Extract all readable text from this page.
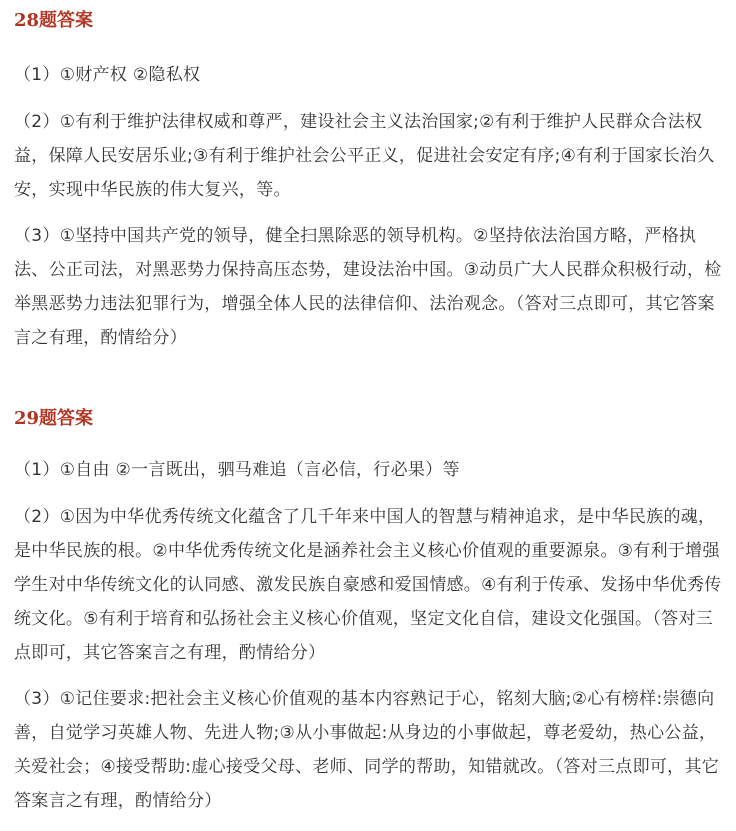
28题答案

（1）①财产权 ②隐私权

（2）①有利于维护法律权威和尊严，建设社会主义法治国家;②有利于维护人民群众合法权益，保障人民安居乐业;③有利于维护社会公平正义，促进社会安定有序;④有利于国家长治久安，实现中华民族的伟大复兴，等。

（3）①坚持中国共产党的领导，健全扫黑除恶的领导机构。②坚持依法治国方略，严格执法、公正司法，对黑恶势力保持高压态势，建设法治中国。③动员广大人民群众积极行动，检举黑恶势力违法犯罪行为，增强全体人民的法律信仰、法治观念。（答对三点即可，其它答案言之有理，酌情给分）

29题答案

（1）①自由 ②一言既出，驷马难追（言必信，行必果）等

（2）①因为中华优秀传统文化蕴含了几千年来中国人的智慧与精神追求，是中华民族的魂，是中华民族的根。②中华优秀传统文化是涵养社会主义核心价值观的重要源泉。③有利于增强学生对中华传统文化的认同感、激发民族自豪感和爱国情感。④有利于传承、发扬中华优秀传统文化。⑤有利于培育和弘扬社会主义核心价值观，坚定文化自信，建设文化强国。（答对三点即可，其它答案言之有理，酌情给分）

（3）①记住要求:把社会主义核心价值观的基本内容熟记于心，铭刻大脑;②心有榜样:崇德向善，自觉学习英雄人物、先进人物;③从小事做起:从身边的小事做起，尊老爱幼，热心公益，关爱社会；④接受帮助:虚心接受父母、老师、同学的帮助，知错就改。（答对三点即可，其它答案言之有理，酌情给分）
